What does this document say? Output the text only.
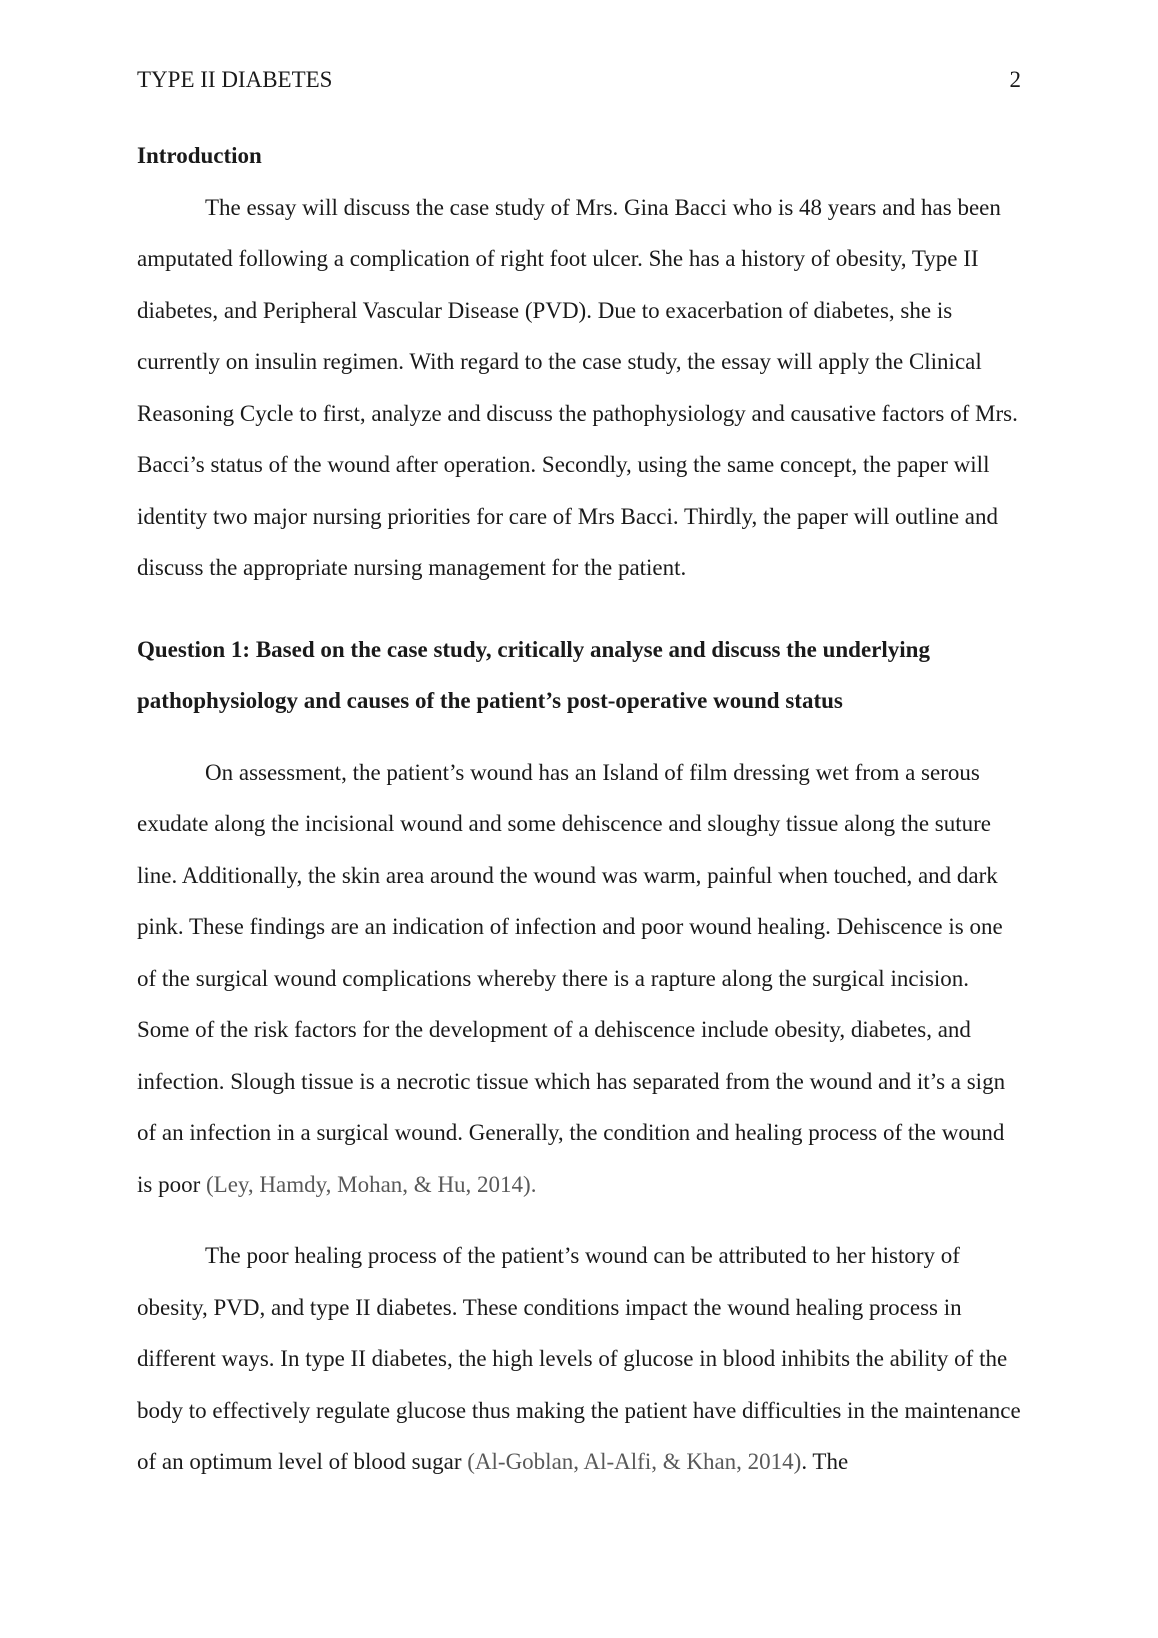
TYPE II DIABETES	2
Introduction

The essay will discuss the case study of Mrs. Gina Bacci who is 48 years and has been amputated following a complication of right foot ulcer. She has a history of obesity, Type II diabetes, and Peripheral Vascular Disease (PVD). Due to exacerbation of diabetes, she is currently on insulin regimen. With regard to the case study, the essay will apply the Clinical Reasoning Cycle to first, analyze and discuss the pathophysiology and causative factors of Mrs. Bacci’s status of the wound after operation. Secondly, using the same concept, the paper will identity two major nursing priorities for care of Mrs Bacci. Thirdly, the paper will outline and discuss the appropriate nursing management for the patient.

Question 1: Based on the case study, critically analyse and discuss the underlying pathophysiology and causes of the patient’s post-operative wound status

On assessment, the patient’s wound has an Island of film dressing wet from a serous exudate along the incisional wound and some dehiscence and sloughy tissue along the suture line. Additionally, the skin area around the wound was warm, painful when touched, and dark pink. These findings are an indication of infection and poor wound healing. Dehiscence is one of the surgical wound complications whereby there is a rapture along the surgical incision. Some of the risk factors for the development of a dehiscence include obesity, diabetes, and infection. Slough tissue is a necrotic tissue which has separated from the wound and it’s a sign of an infection in a surgical wound. Generally, the condition and healing process of the wound is poor (Ley, Hamdy, Mohan, & Hu, 2014).

The poor healing process of the patient’s wound can be attributed to her history of obesity, PVD, and type II diabetes. These conditions impact the wound healing process in different ways. In type II diabetes, the high levels of glucose in blood inhibits the ability of the body to effectively regulate glucose thus making the patient have difficulties in the maintenance of an optimum level of blood sugar (Al-Goblan, Al-Alfi, & Khan, 2014). The
